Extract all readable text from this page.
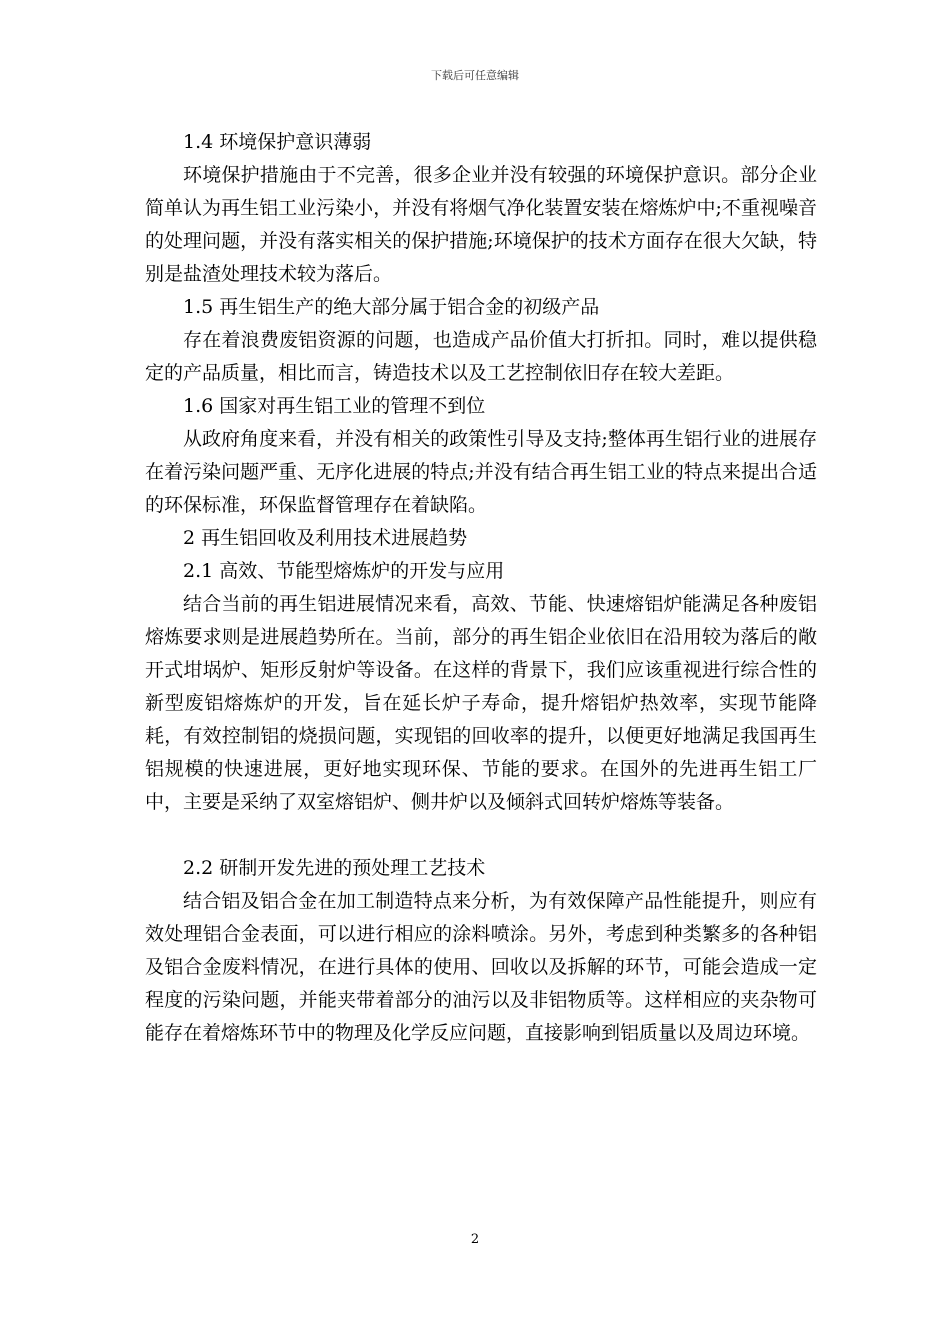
下载后可任意编辑

1.4 环境保护意识薄弱

环境保护措施由于不完善，很多企业并没有较强的环境保护意识。部分企业简单认为再生铝工业污染小，并没有将烟气净化装置安装在熔炼炉中;不重视噪音的处理问题，并没有落实相关的保护措施;环境保护的技术方面存在很大欠缺，特别是盐渣处理技术较为落后。

1.5 再生铝生产的绝大部分属于铝合金的初级产品

存在着浪费废铝资源的问题，也造成产品价值大打折扣。同时，难以提供稳定的产品质量，相比而言，铸造技术以及工艺控制依旧存在较大差距。

1.6 国家对再生铝工业的管理不到位

从政府角度来看，并没有相关的政策性引导及支持;整体再生铝行业的进展存在着污染问题严重、无序化进展的特点;并没有结合再生铝工业的特点来提出合适的环保标准，环保监督管理存在着缺陷。

2 再生铝回收及利用技术进展趋势

2.1 高效、节能型熔炼炉的开发与应用

结合当前的再生铝进展情况来看，高效、节能、快速熔铝炉能满足各种废铝熔炼要求则是进展趋势所在。当前，部分的再生铝企业依旧在沿用较为落后的敞开式坩埚炉、矩形反射炉等设备。在这样的背景下，我们应该重视进行综合性的新型废铝熔炼炉的开发，旨在延长炉子寿命，提升熔铝炉热效率，实现节能降耗，有效控制铝的烧损问题，实现铝的回收率的提升，以便更好地满足我国再生铝规模的快速进展，更好地实现环保、节能的要求。在国外的先进再生铝工厂中，主要是采纳了双室熔铝炉、侧井炉以及倾斜式回转炉熔炼等装备。

2.2 研制开发先进的预处理工艺技术

结合铝及铝合金在加工制造特点来分析，为有效保障产品性能提升，则应有效处理铝合金表面，可以进行相应的涂料喷涂。另外，考虑到种类繁多的各种铝及铝合金废料情况，在进行具体的使用、回收以及拆解的环节，可能会造成一定程度的污染问题，并能夹带着部分的油污以及非铝物质等。这样相应的夹杂物可能存在着熔炼环节中的物理及化学反应问题，直接影响到铝质量以及周边环境。

2
